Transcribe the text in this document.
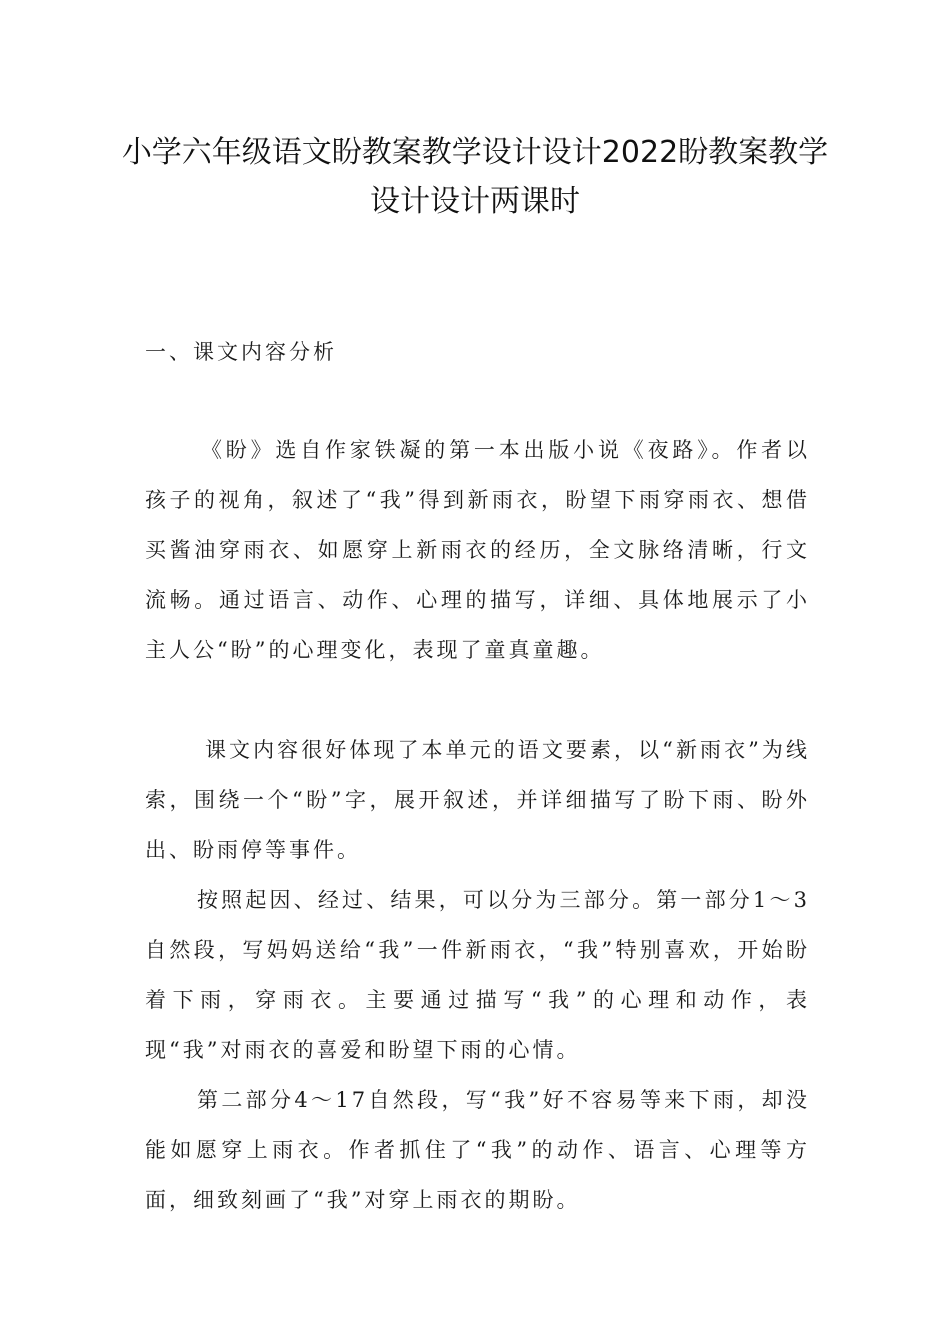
小学六年级语文盼教案教学设计设计2022盼教案教学设计设计两课时
一、课文内容分析

《盼》选自作家铁凝的第一本出版小说《夜路》。作者以孩子的视角，叙述了“我”得到新雨衣，盼望下雨穿雨衣、想借买酱油穿雨衣、如愿穿上新雨衣的经历，全文脉络清晰，行文流畅。通过语言、动作、心理的描写，详细、具体地展示了小主人公“盼”的心理变化，表现了童真童趣。

课文内容很好体现了本单元的语文要素，以“新雨衣”为线索，围绕一个“盼”字，展开叙述，并详细描写了盼下雨、盼外出、盼雨停等事件。

按照起因、经过、结果，可以分为三部分。第一部分1～3自然段，写妈妈送给“我”一件新雨衣，“我”特别喜欢，开始盼着下雨，穿雨衣。主要通过描写“我”的心理和动作，表现“我”对雨衣的喜爱和盼望下雨的心情。

第二部分4～17自然段，写“我”好不容易等来下雨，却没能如愿穿上雨衣。作者抓住了“我”的动作、语言、心理等方面，细致刻画了“我”对穿上雨衣的期盼。
